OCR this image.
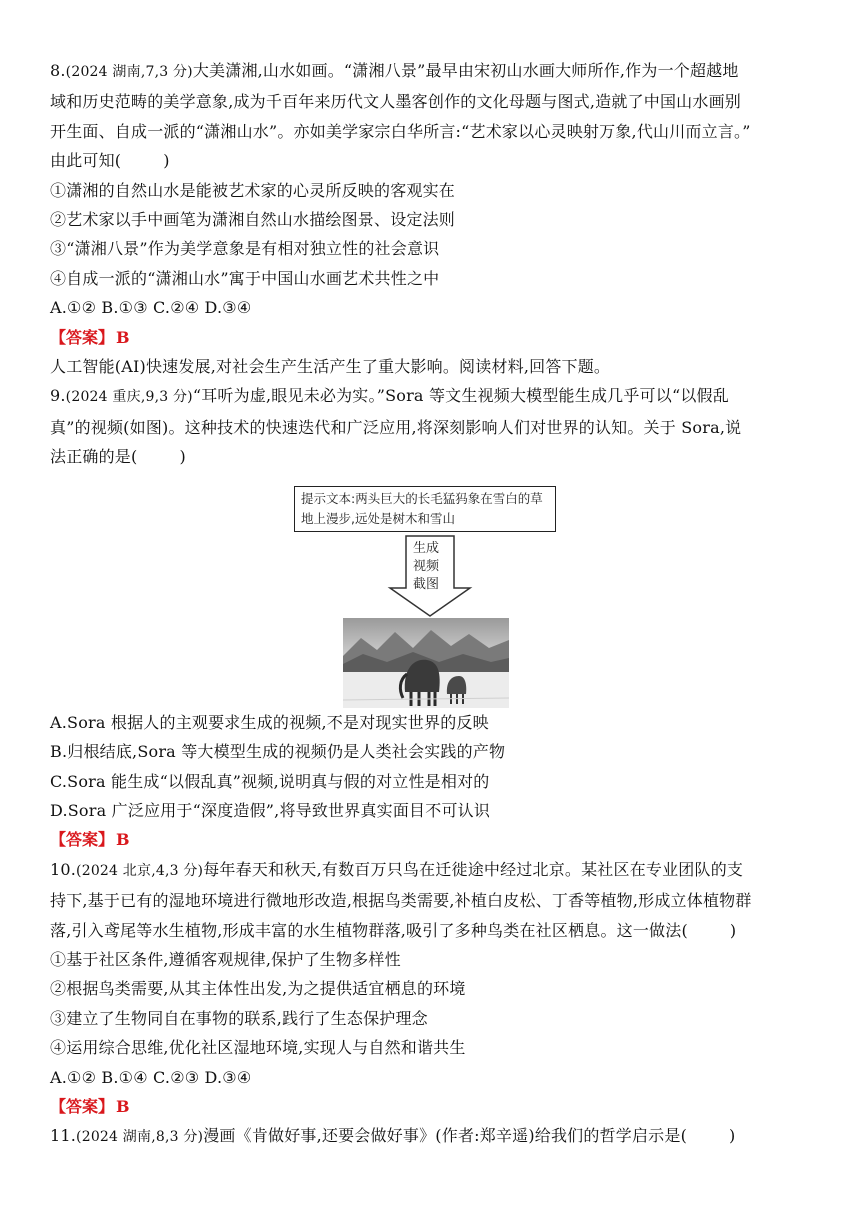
8.(2024 湖南,7,3 分)大美潇湘,山水如画。“潇湘八景”最早由宋初山水画大师所作,作为一个超越地
域和历史范畴的美学意象,成为千百年来历代文人墨客创作的文化母题与图式,造就了中国山水画别
开生面、自成一派的“潇湘山水”。亦如美学家宗白华所言:“艺术家以心灵映射万象,代山川而立言。”
由此可知(	)
①潇湘的自然山水是能被艺术家的心灵所反映的客观实在
②艺术家以手中画笔为潇湘自然山水描绘图景、设定法则
③“潇湘八景”作为美学意象是有相对独立性的社会意识
④自成一派的“潇湘山水”寓于中国山水画艺术共性之中
A.①② B.①③ C.②④ D.③④
【答案】 B
人工智能(AI)快速发展,对社会生产生活产生了重大影响。阅读材料,回答下题。
9.(2024 重庆,9,3 分)“耳听为虚,眼见未必为实。”Sora 等文生视频大模型能生成几乎可以“以假乱
真”的视频(如图)。这种技术的快速迭代和广泛应用,将深刻影响人们对世界的认知。关于 Sora,说
法正确的是(	)
提示文本:两头巨大的长毛猛犸象在雪白的草地上漫步,远处是树木和雪山
生成视频截图
A.Sora 根据人的主观要求生成的视频,不是对现实世界的反映
B.归根结底,Sora 等大模型生成的视频仍是人类社会实践的产物
C.Sora 能生成“以假乱真”视频,说明真与假的对立性是相对的
D.Sora 广泛应用于“深度造假”,将导致世界真实面目不可认识
【答案】 B
10.(2024 北京,4,3 分)每年春天和秋天,有数百万只鸟在迁徙途中经过北京。某社区在专业团队的支
持下,基于已有的湿地环境进行微地形改造,根据鸟类需要,补植白皮松、丁香等植物,形成立体植物群
落,引入鸢尾等水生植物,形成丰富的水生植物群落,吸引了多种鸟类在社区栖息。这一做法(	)
①基于社区条件,遵循客观规律,保护了生物多样性
②根据鸟类需要,从其主体性出发,为之提供适宜栖息的环境
③建立了生物同自在事物的联系,践行了生态保护理念
④运用综合思维,优化社区湿地环境,实现人与自然和谐共生
A.①② B.①④ C.②③ D.③④
【答案】 B
11.(2024 湖南,8,3 分)漫画《肯做好事,还要会做好事》(作者:郑辛遥)给我们的哲学启示是(	)
